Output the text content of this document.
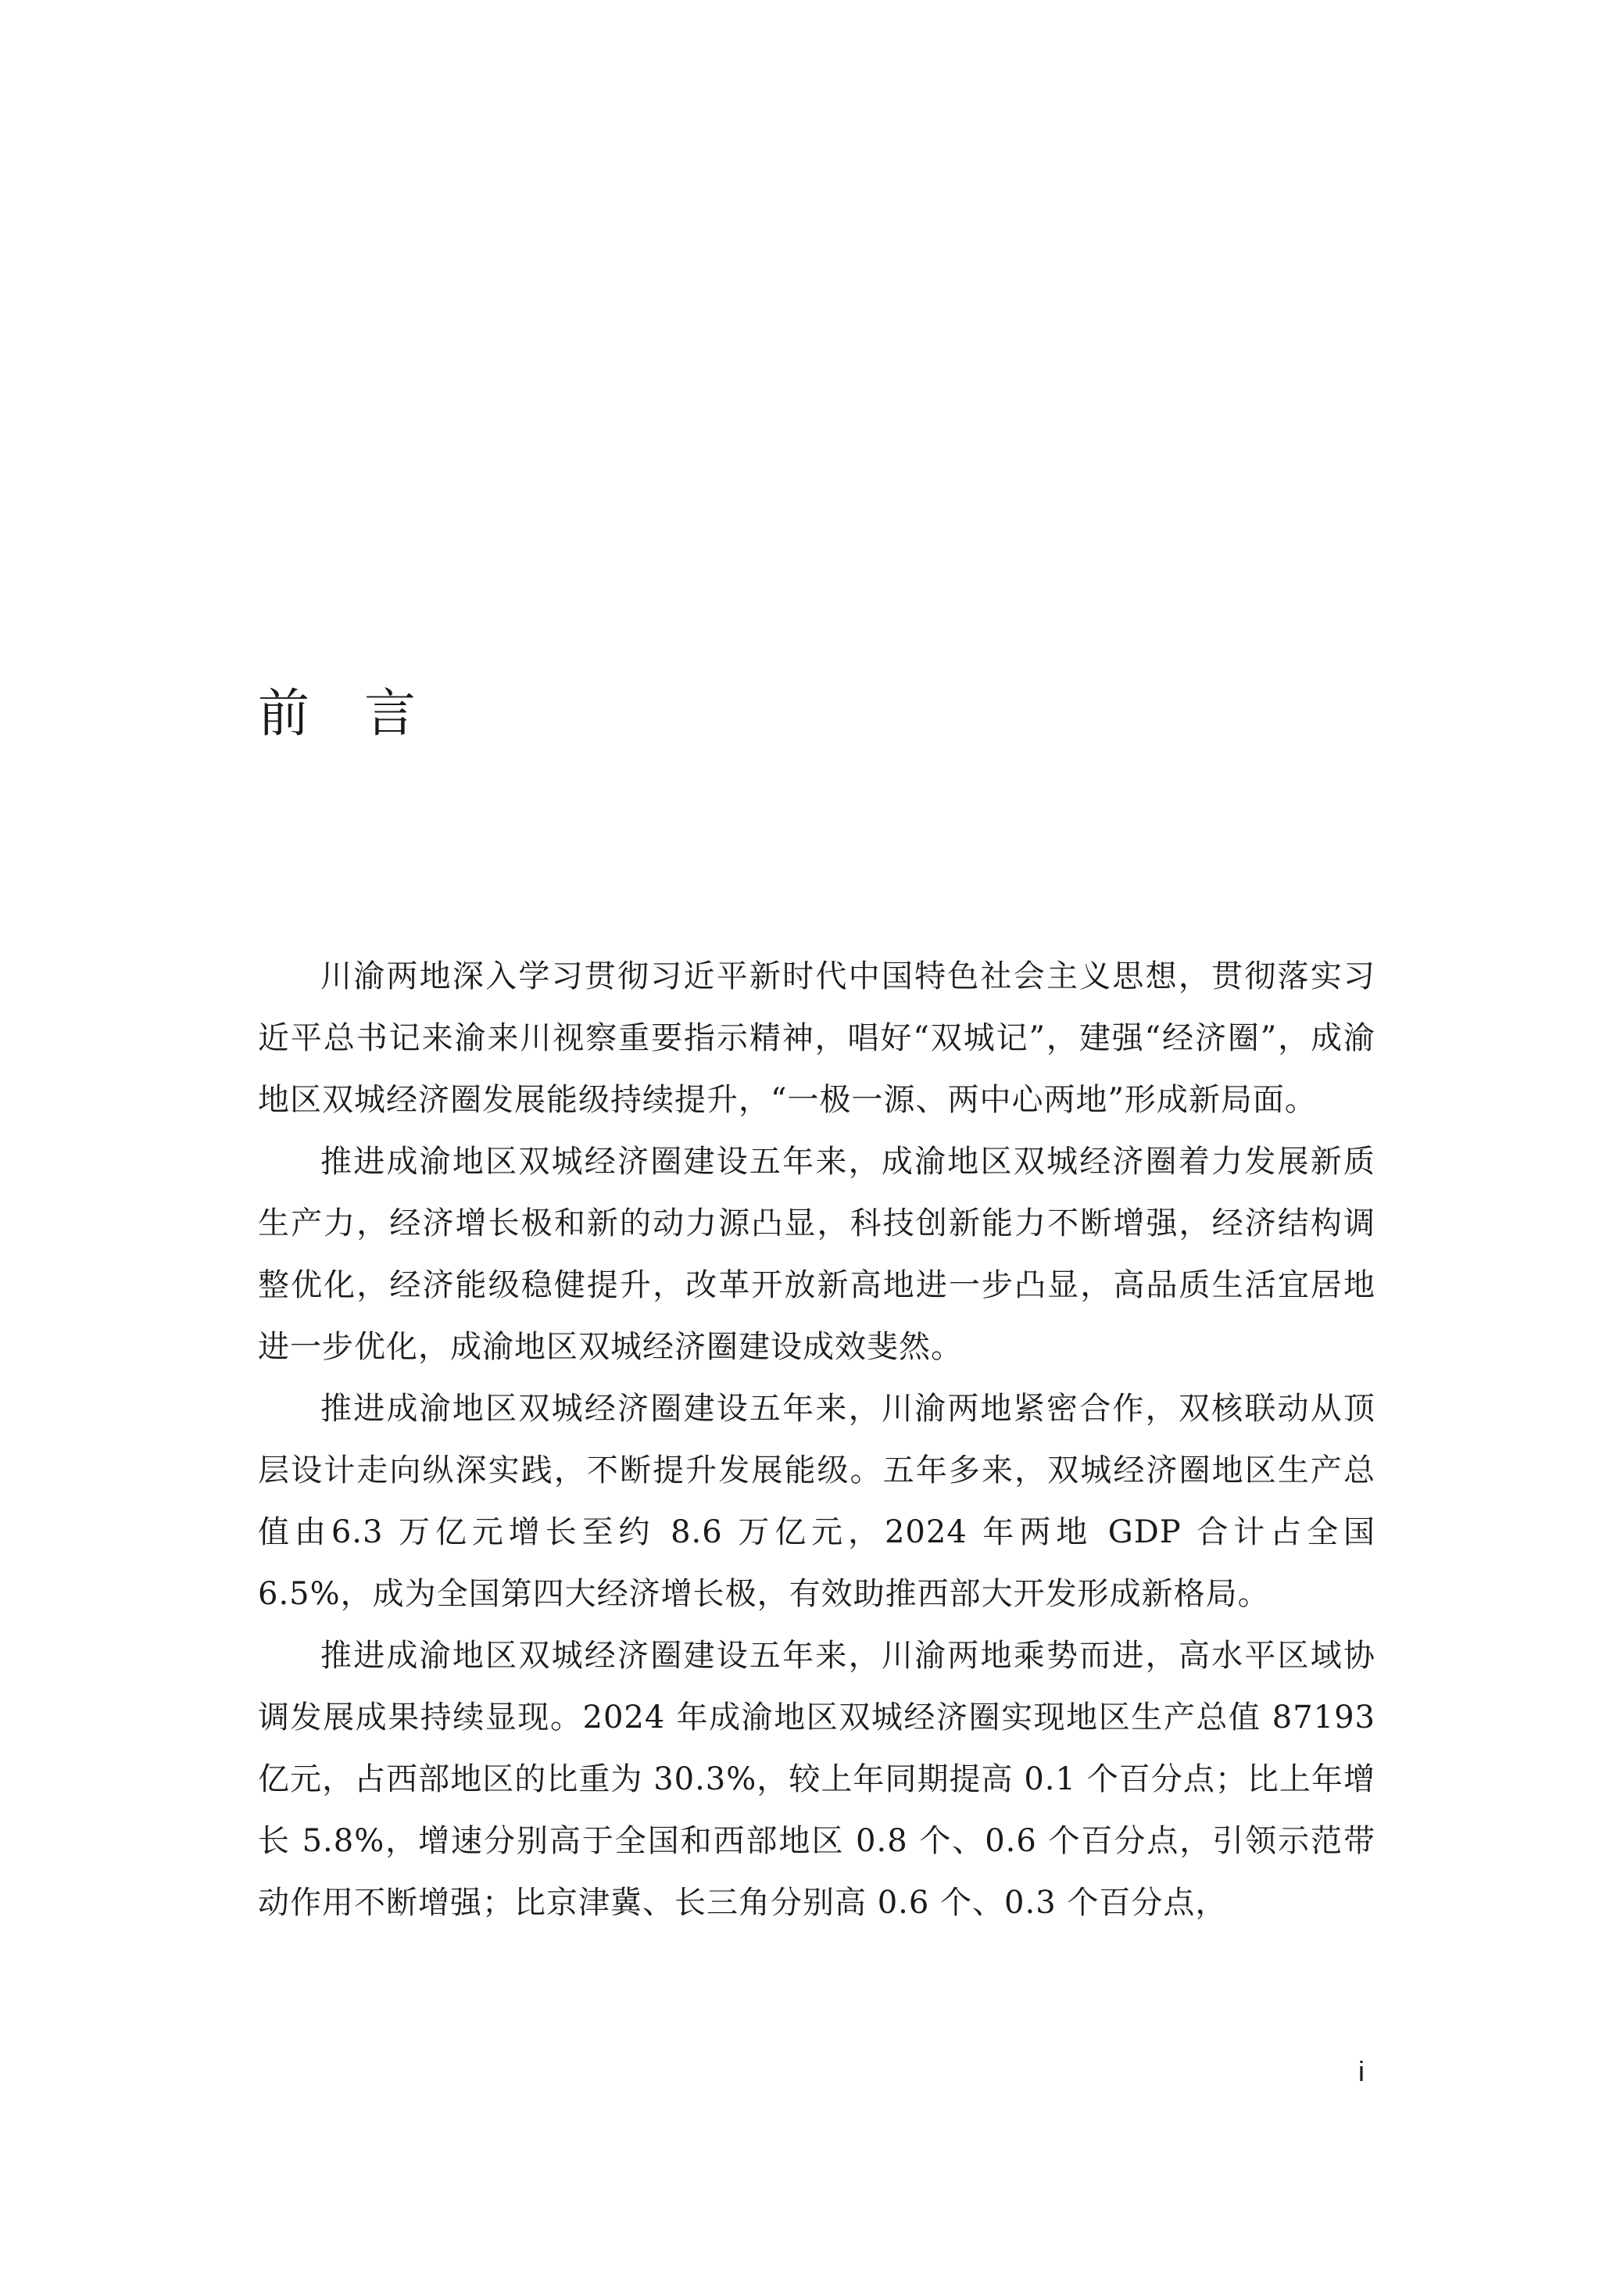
前言

川渝两地深入学习贯彻习近平新时代中国特色社会主义思想，贯彻落实习近平总书记来渝来川视察重要指示精神，唱好“双城记”，建强“经济圈”，成渝地区双城经济圈发展能级持续提升，“一极一源、两中心两地”形成新局面。

推进成渝地区双城经济圈建设五年来，成渝地区双城经济圈着力发展新质生产力，经济增长极和新的动力源凸显，科技创新能力不断增强，经济结构调整优化，经济能级稳健提升，改革开放新高地进一步凸显，高品质生活宜居地进一步优化，成渝地区双城经济圈建设成效斐然。

推进成渝地区双城经济圈建设五年来，川渝两地紧密合作，双核联动从顶层设计走向纵深实践，不断提升发展能级。五年多来，双城经济圈地区生产总值由6.3 万亿元增长至约 8.6 万亿元，2024 年两地 GDP 合计占全国 6.5%，成为全国第四大经济增长极，有效助推西部大开发形成新格局。

推进成渝地区双城经济圈建设五年来，川渝两地乘势而进，高水平区域协调发展成果持续显现。2024 年成渝地区双城经济圈实现地区生产总值 87193 亿元，占西部地区的比重为 30.3%，较上年同期提高 0.1 个百分点；比上年增长 5.8%，增速分别高于全国和西部地区 0.8 个、0.6 个百分点，引领示范带动作用不断增强；比京津冀、长三角分别高 0.6 个、0.3 个百分点，

i
